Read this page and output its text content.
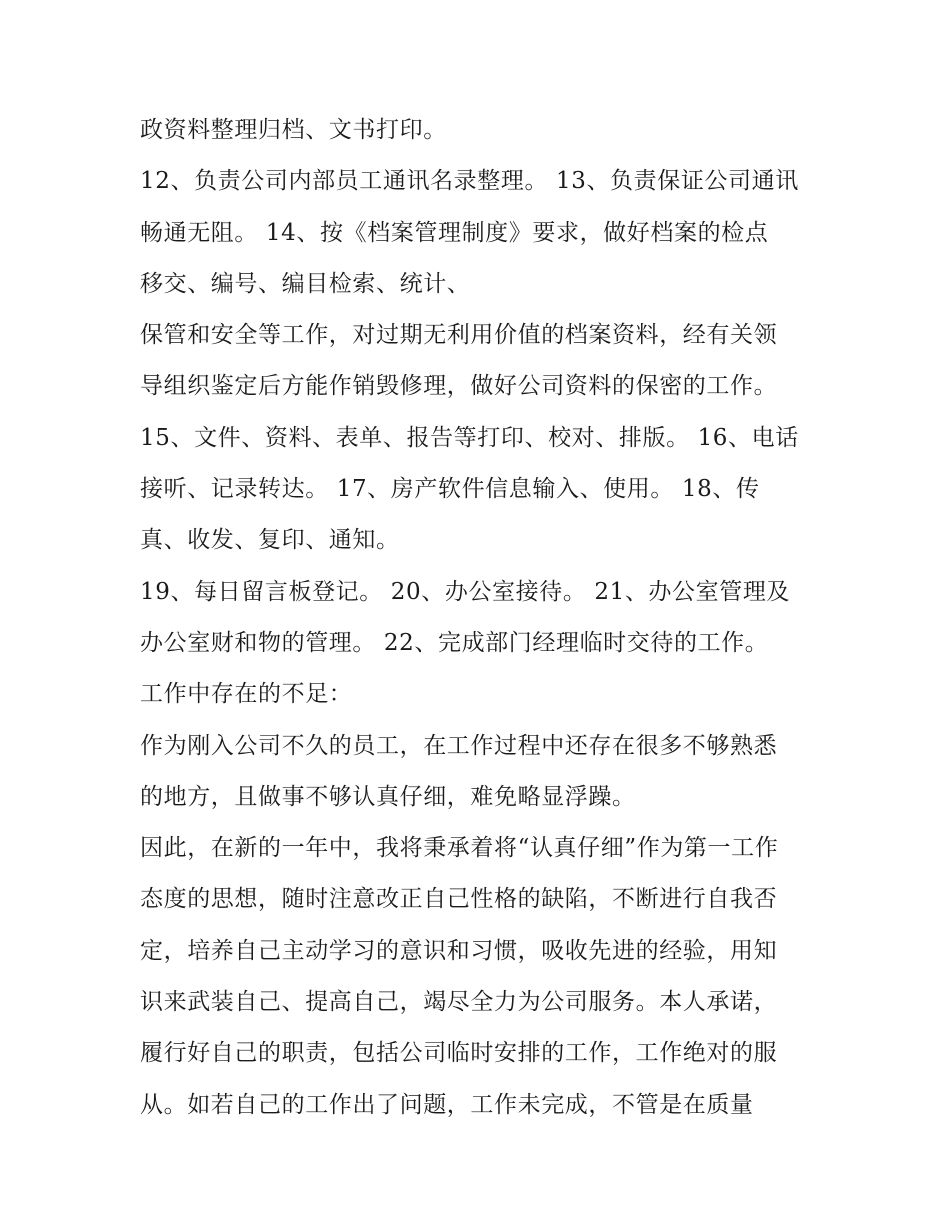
政资料整理归档、文书打印。
12、负责公司内部员工通讯名录整理。 13、负责保证公司通讯
畅通无阻。 14、按《档案管理制度》要求，做好档案的检点
移交、编号、编目检索、统计、
保管和安全等工作，对过期无利用价值的档案资料，经有关领
导组织鉴定后方能作销毁修理，做好公司资料的保密的工作。
15、文件、资料、表单、报告等打印、校对、排版。 16、电话
接听、记录转达。 17、房产软件信息输入、使用。 18、传
真、收发、复印、通知。
19、每日留言板登记。 20、办公室接待。 21、办公室管理及
办公室财和物的管理。 22、完成部门经理临时交待的工作。
工作中存在的不足：
作为刚入公司不久的员工，在工作过程中还存在很多不够熟悉
的地方，且做事不够认真仔细，难免略显浮躁。
因此，在新的一年中，我将秉承着将“认真仔细”作为第一工作
态度的思想，随时注意改正自己性格的缺陷，不断进行自我否
定，培养自己主动学习的意识和习惯，吸收先进的经验，用知
识来武装自己、提高自己，竭尽全力为公司服务。本人承诺，
履行好自己的职责，包括公司临时安排的工作，工作绝对的服
从。如若自己的工作出了问题，工作未完成，不管是在质量
